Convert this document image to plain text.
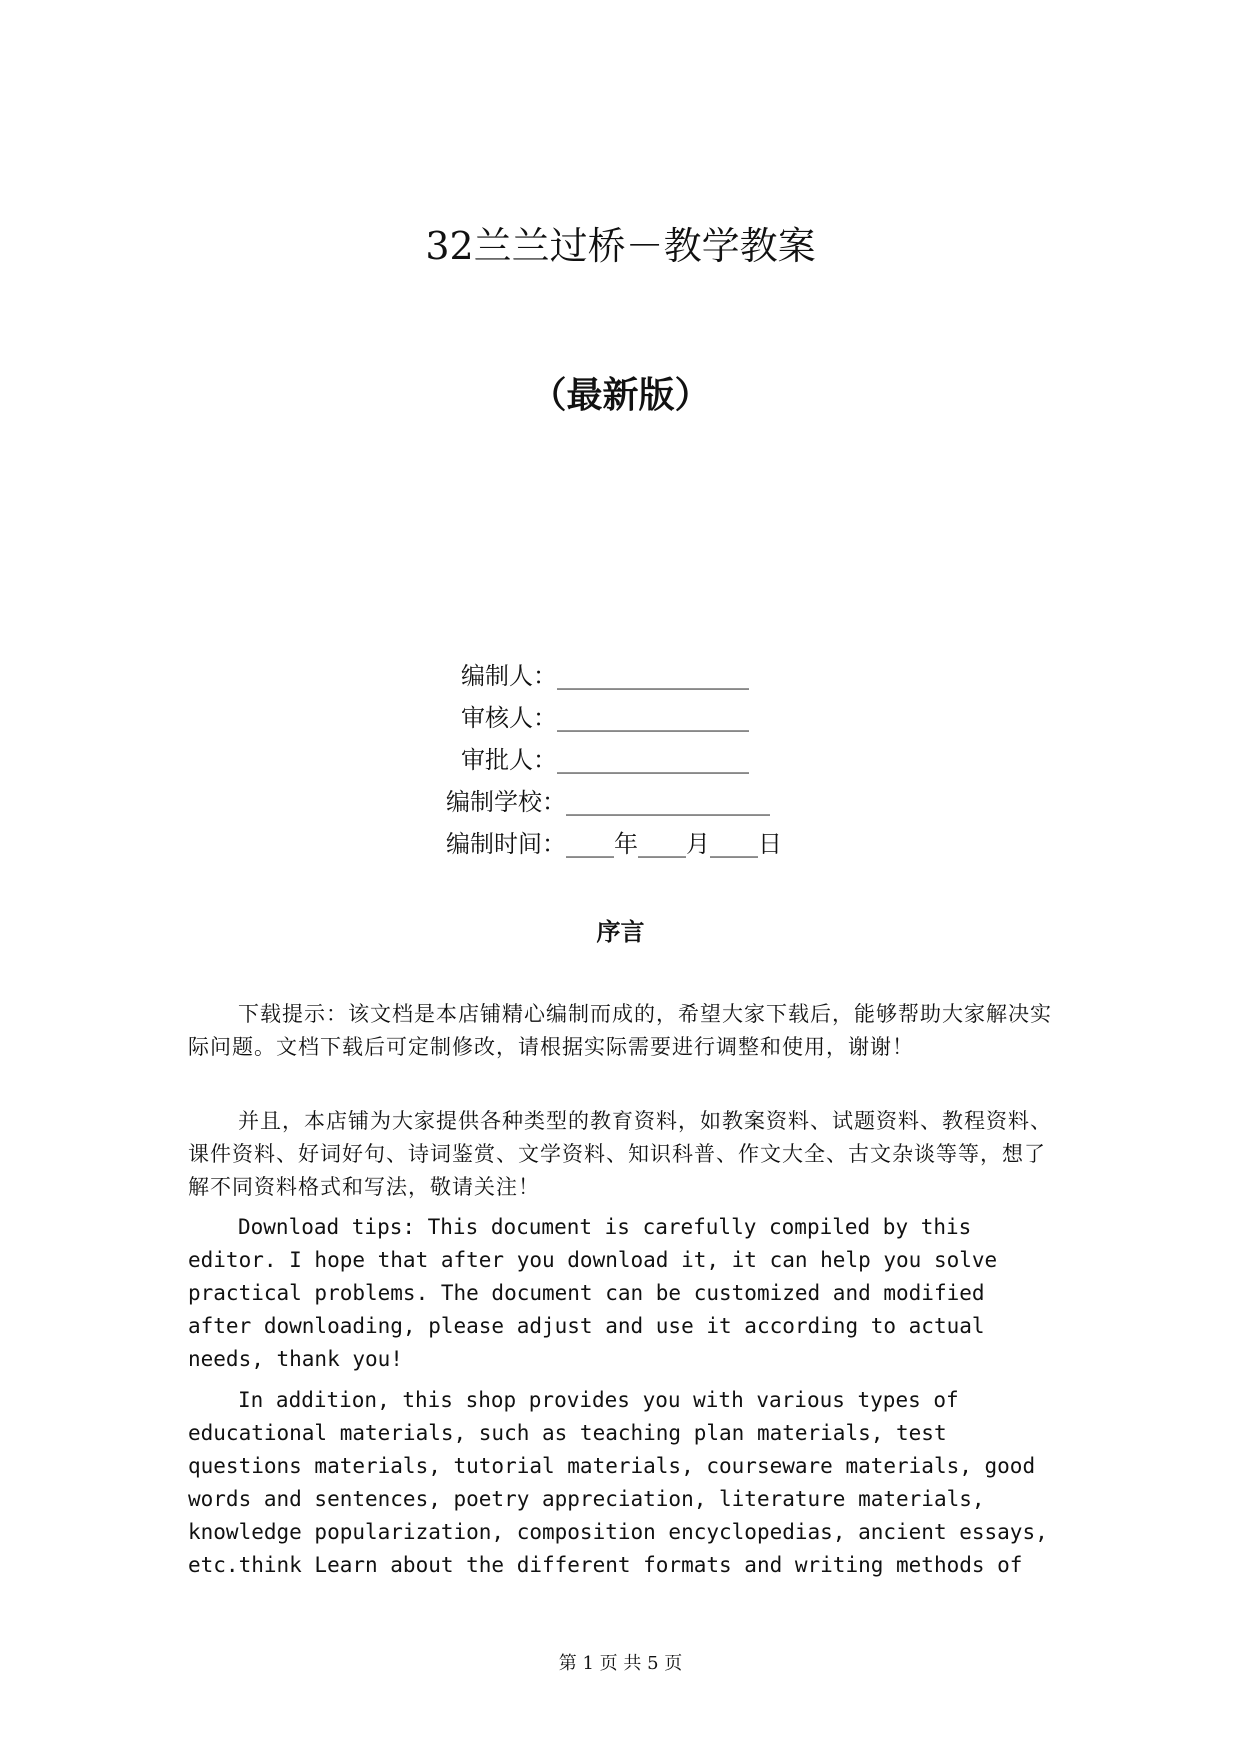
32兰兰过桥－教学教案
（最新版）
编制人：________________
审核人：________________
审批人：________________
编制学校：_________________
编制时间：____年____月____日
序言

下载提示：该文档是本店铺精心编制而成的，希望大家下载后，能够帮助大家解决实际问题。文档下载后可定制修改，请根据实际需要进行调整和使用，谢谢！

并且，本店铺为大家提供各种类型的教育资料，如教案资料、试题资料、教程资料、课件资料、好词好句、诗词鉴赏、文学资料、知识科普、作文大全、古文杂谈等等，想了解不同资料格式和写法，敬请关注！

Download tips: This document is carefully compiled by this editor. I hope that after you download it, it can help you solve practical problems. The document can be customized and modified after downloading, please adjust and use it according to actual needs, thank you!

In addition, this shop provides you with various types of educational materials, such as teaching plan materials, test questions materials, tutorial materials, courseware materials, good words and sentences, poetry appreciation, literature materials, knowledge popularization, composition encyclopedias, ancient essays, etc.think Learn about the different formats and writing methods of

第 1 页 共 5 页
